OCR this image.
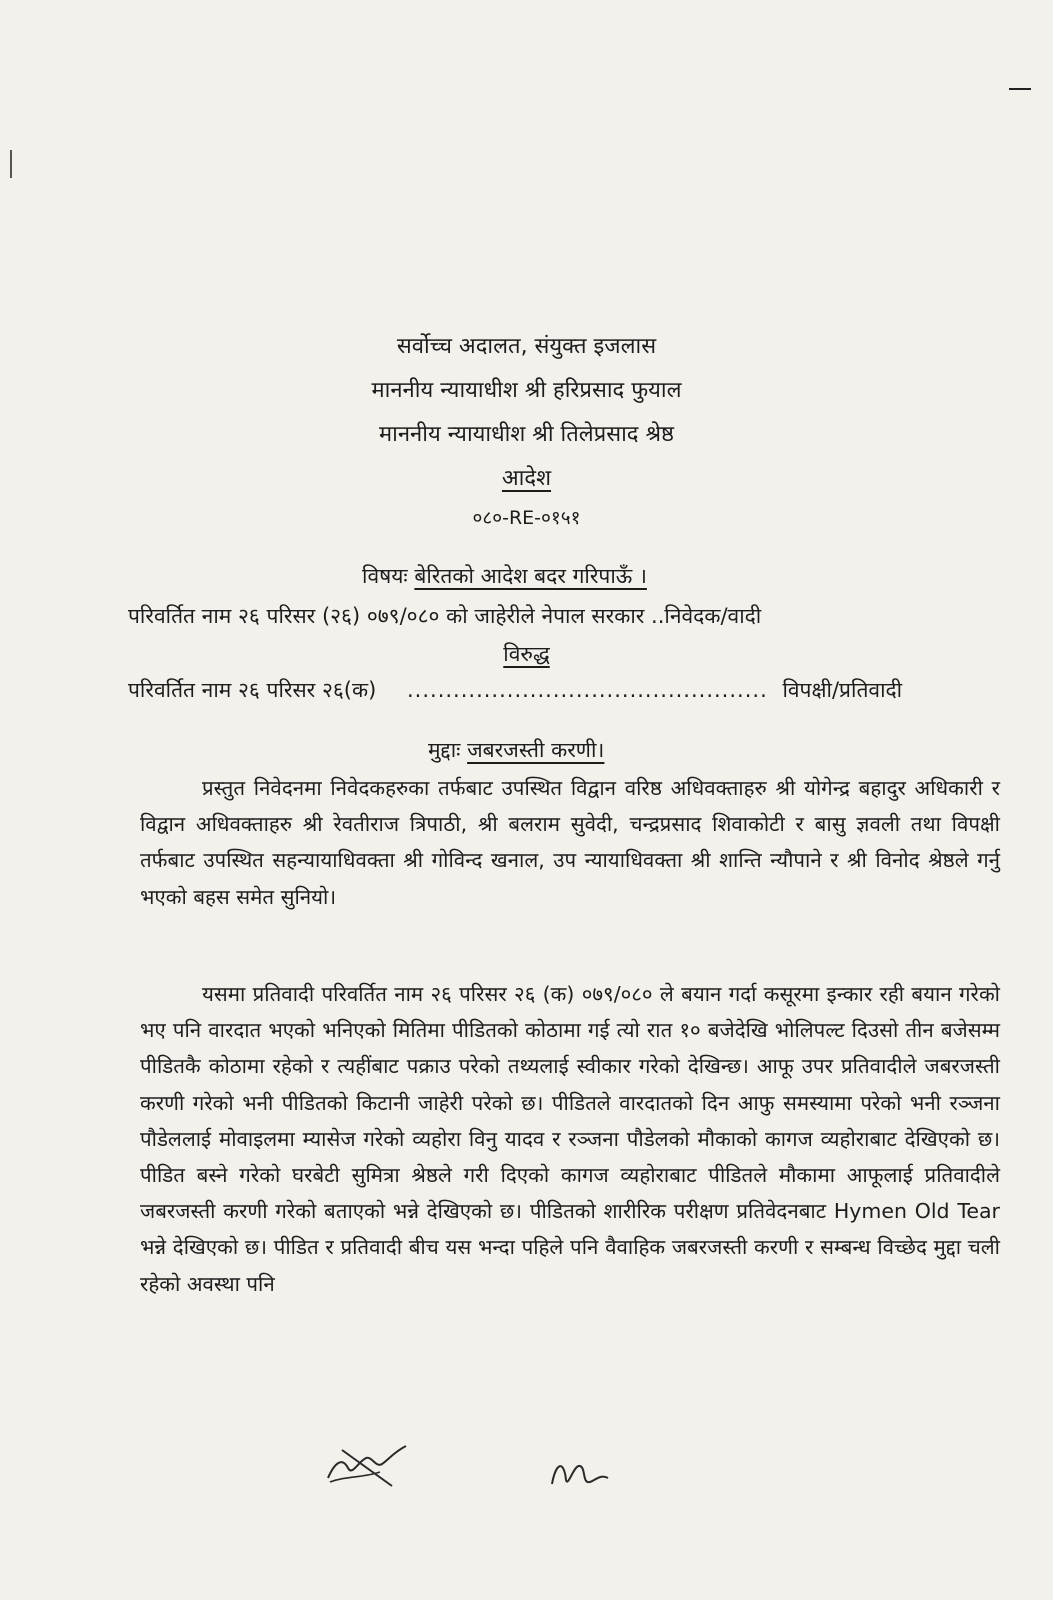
सर्वोच्च अदालत, संयुक्त इजलास
माननीय न्यायाधीश श्री हरिप्रसाद फुयाल
माननीय न्यायाधीश श्री तिलेप्रसाद श्रेष्ठ
आदेश
०८०-RE-०१५१
विषयः बेरितको आदेश बदर गरिपाऊँ ।
परिवर्तित नाम २६ परिसर (२६) ०७९/०८० को जाहेरीले नेपाल सरकार ..निवेदक/वादी
विरुद्ध
परिवर्तित नाम २६ परिसर २६(क) ............................................... विपक्षी/प्रतिवादी
मुद्दाः जबरजस्ती करणी।

प्रस्तुत निवेदनमा निवेदकहरुका तर्फबाट उपस्थित विद्वान वरिष्ठ अधिवक्ताहरु श्री योगेन्द्र बहादुर अधिकारी र विद्वान अधिवक्ताहरु श्री रेवतीराज त्रिपाठी, श्री बलराम सुवेदी, चन्द्रप्रसाद शिवाकोटी र बासु ज्ञवली तथा विपक्षी तर्फबाट उपस्थित सहन्यायाधिवक्ता श्री गोविन्द खनाल, उप न्यायाधिवक्ता श्री शान्ति न्यौपाने र श्री विनोद श्रेष्ठले गर्नु भएको बहस समेत सुनियो।

यसमा प्रतिवादी परिवर्तित नाम २६ परिसर २६ (क) ०७९/०८० ले बयान गर्दा कसूरमा इन्कार रही बयान गरेको भए पनि वारदात भएको भनिएको मितिमा पीडितको कोठामा गई त्यो रात १० बजेदेखि भोलिपल्ट दिउसो तीन बजेसम्म पीडितकै कोठामा रहेको र त्यहींबाट पक्राउ परेको तथ्यलाई स्वीकार गरेको देखिन्छ। आफू उपर प्रतिवादीले जबरजस्ती करणी गरेको भनी पीडितको किटानी जाहेरी परेको छ। पीडितले वारदातको दिन आफु समस्यामा परेको भनी रञ्जना पौडेललाई मोवाइलमा म्यासेज गरेको व्यहोरा विनु यादव र रञ्जना पौडेलको मौकाको कागज व्यहोराबाट देखिएको छ। पीडित बस्ने गरेको घरबेटी सुमित्रा श्रेष्ठले गरी दिएको कागज व्यहोराबाट पीडितले मौकामा आफूलाई प्रतिवादीले जबरजस्ती करणी गरेको बताएको भन्ने देखिएको छ। पीडितको शारीरिक परीक्षण प्रतिवेदनबाट Hymen Old Tear भन्ने देखिएको छ। पीडित र प्रतिवादी बीच यस भन्दा पहिले पनि वैवाहिक जबरजस्ती करणी र सम्बन्ध विच्छेद मुद्दा चली रहेको अवस्था पनि
